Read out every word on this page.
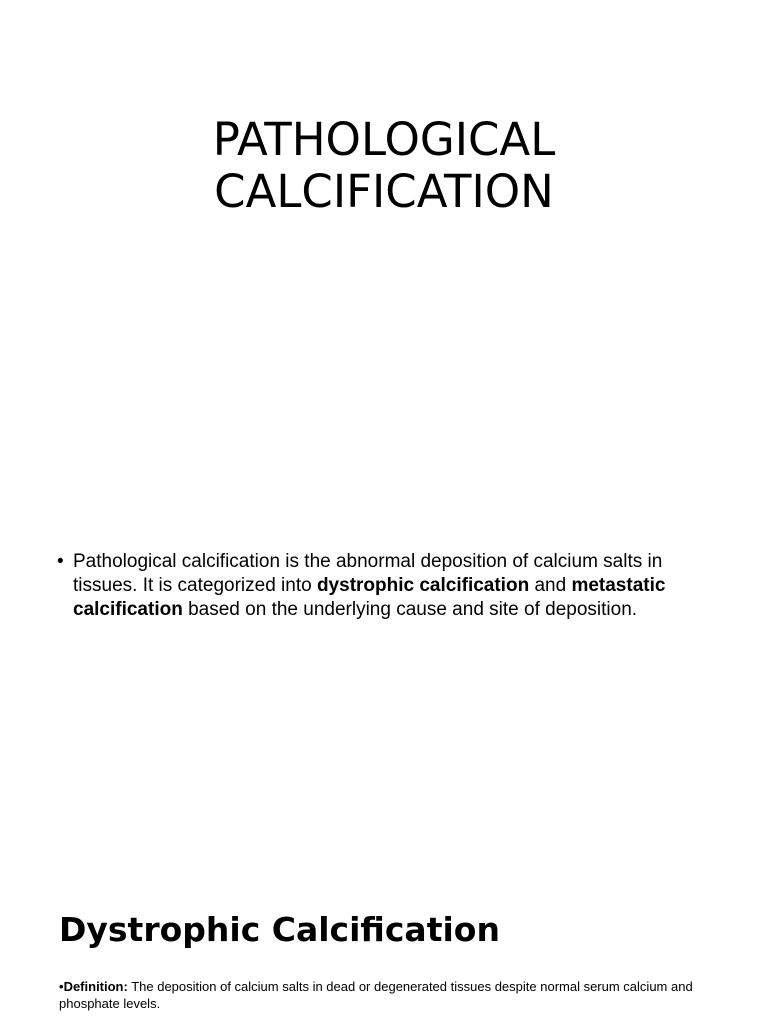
PATHOLOGICAL
CALCIFICATION
• Pathological calcification is the abnormal deposition of calcium salts in tissues. It is categorized into dystrophic calcification and metastatic calcification based on the underlying cause and site of deposition.
Dystrophic Calcification
•Definition: The deposition of calcium salts in dead or degenerated tissues despite normal serum calcium and phosphate levels.
